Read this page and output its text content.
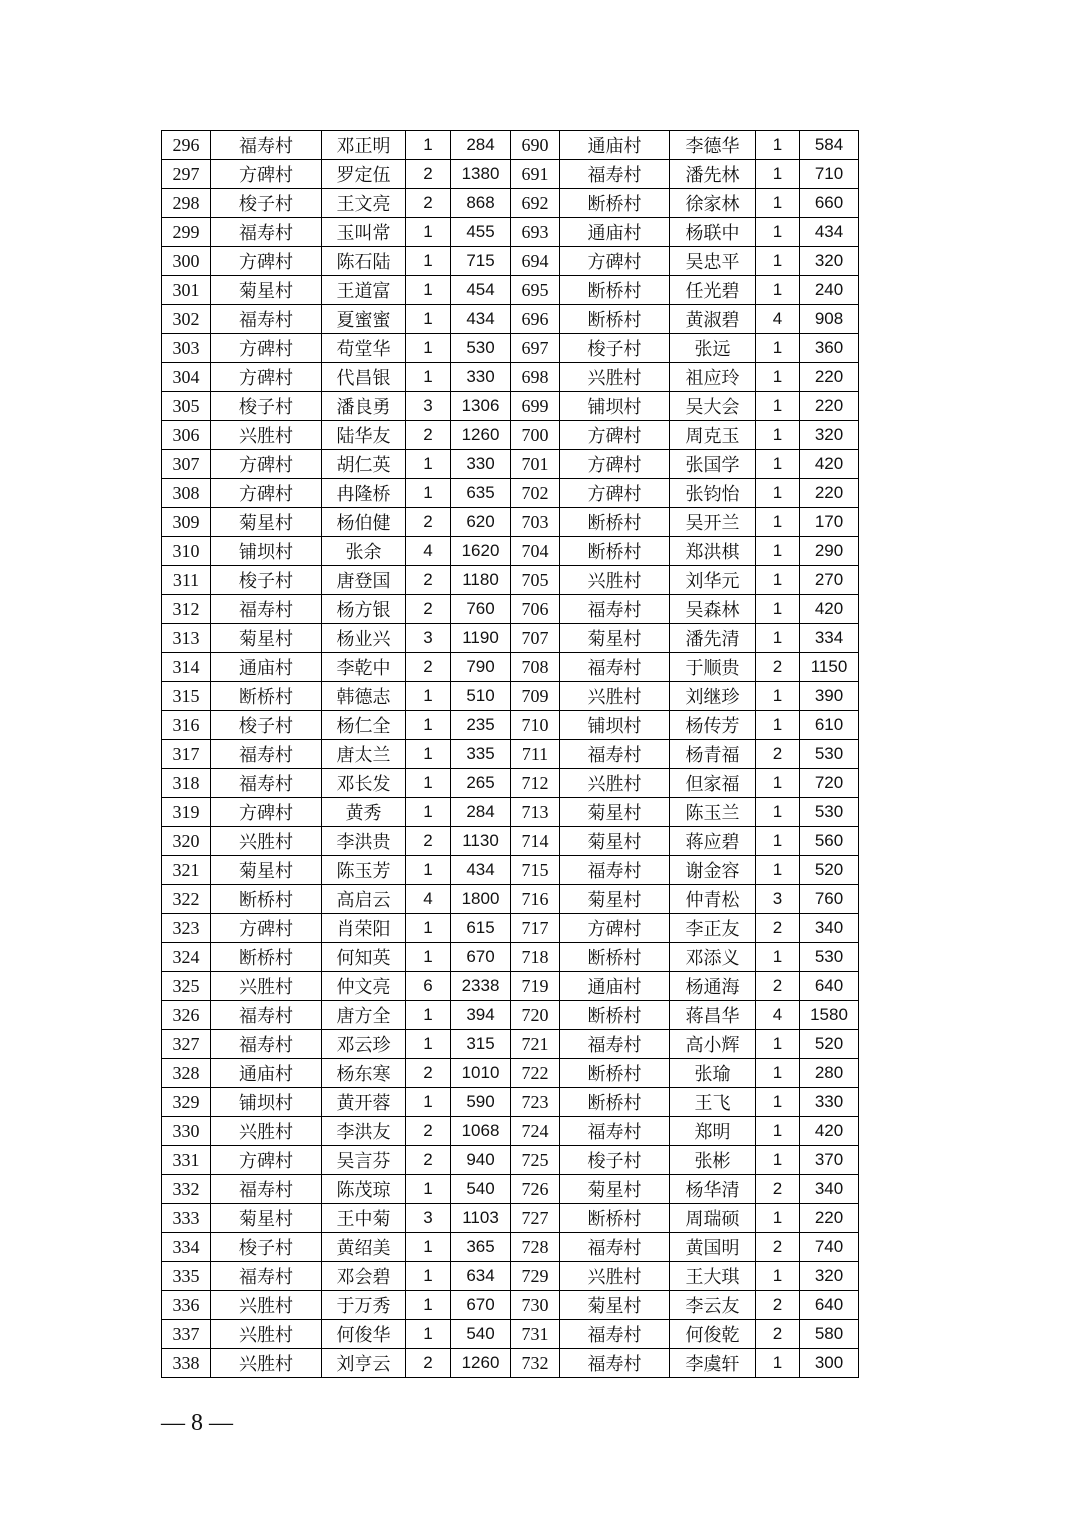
296	福寿村	邓正明	1	284	690	通庙村	李德华	1	584
297	方碑村	罗定伍	2	1380	691	福寿村	潘先林	1	710
298	梭子村	王文亮	2	868	692	断桥村	徐家林	1	660
299	福寿村	玉叫常	1	455	693	通庙村	杨联中	1	434
300	方碑村	陈石陆	1	715	694	方碑村	吴忠平	1	320
301	菊星村	王道富	1	454	695	断桥村	任光碧	1	240
302	福寿村	夏蜜蜜	1	434	696	断桥村	黄淑碧	4	908
303	方碑村	苟堂华	1	530	697	梭子村	张远	1	360
304	方碑村	代昌银	1	330	698	兴胜村	祖应玲	1	220
305	梭子村	潘良勇	3	1306	699	铺坝村	吴大会	1	220
306	兴胜村	陆华友	2	1260	700	方碑村	周克玉	1	320
307	方碑村	胡仁英	1	330	701	方碑村	张国学	1	420
308	方碑村	冉隆桥	1	635	702	方碑村	张钧怡	1	220
309	菊星村	杨伯健	2	620	703	断桥村	吴开兰	1	170
310	铺坝村	张余	4	1620	704	断桥村	郑洪棋	1	290
311	梭子村	唐登国	2	1180	705	兴胜村	刘华元	1	270
312	福寿村	杨方银	2	760	706	福寿村	吴森林	1	420
313	菊星村	杨业兴	3	1190	707	菊星村	潘先清	1	334
314	通庙村	李乾中	2	790	708	福寿村	于顺贵	2	1150
315	断桥村	韩德志	1	510	709	兴胜村	刘继珍	1	390
316	梭子村	杨仁全	1	235	710	铺坝村	杨传芳	1	610
317	福寿村	唐太兰	1	335	711	福寿村	杨青福	2	530
318	福寿村	邓长发	1	265	712	兴胜村	但家福	1	720
319	方碑村	黄秀	1	284	713	菊星村	陈玉兰	1	530
320	兴胜村	李洪贵	2	1130	714	菊星村	蒋应碧	1	560
321	菊星村	陈玉芳	1	434	715	福寿村	谢金容	1	520
322	断桥村	高启云	4	1800	716	菊星村	仲青松	3	760
323	方碑村	肖荣阳	1	615	717	方碑村	李正友	2	340
324	断桥村	何知英	1	670	718	断桥村	邓添义	1	530
325	兴胜村	仲文亮	6	2338	719	通庙村	杨通海	2	640
326	福寿村	唐方全	1	394	720	断桥村	蒋昌华	4	1580
327	福寿村	邓云珍	1	315	721	福寿村	高小辉	1	520
328	通庙村	杨东寒	2	1010	722	断桥村	张瑜	1	280
329	铺坝村	黄开蓉	1	590	723	断桥村	王飞	1	330
330	兴胜村	李洪友	2	1068	724	福寿村	郑明	1	420
331	方碑村	吴言芬	2	940	725	梭子村	张彬	1	370
332	福寿村	陈茂琼	1	540	726	菊星村	杨华清	2	340
333	菊星村	王中菊	3	1103	727	断桥村	周瑞硕	1	220
334	梭子村	黄绍美	1	365	728	福寿村	黄国明	2	740
335	福寿村	邓会碧	1	634	729	兴胜村	王大琪	1	320
336	兴胜村	于万秀	1	670	730	菊星村	李云友	2	640
337	兴胜村	何俊华	1	540	731	福寿村	何俊乾	2	580
338	兴胜村	刘亨云	2	1260	732	福寿村	李虞轩	1	300
— 8 —
